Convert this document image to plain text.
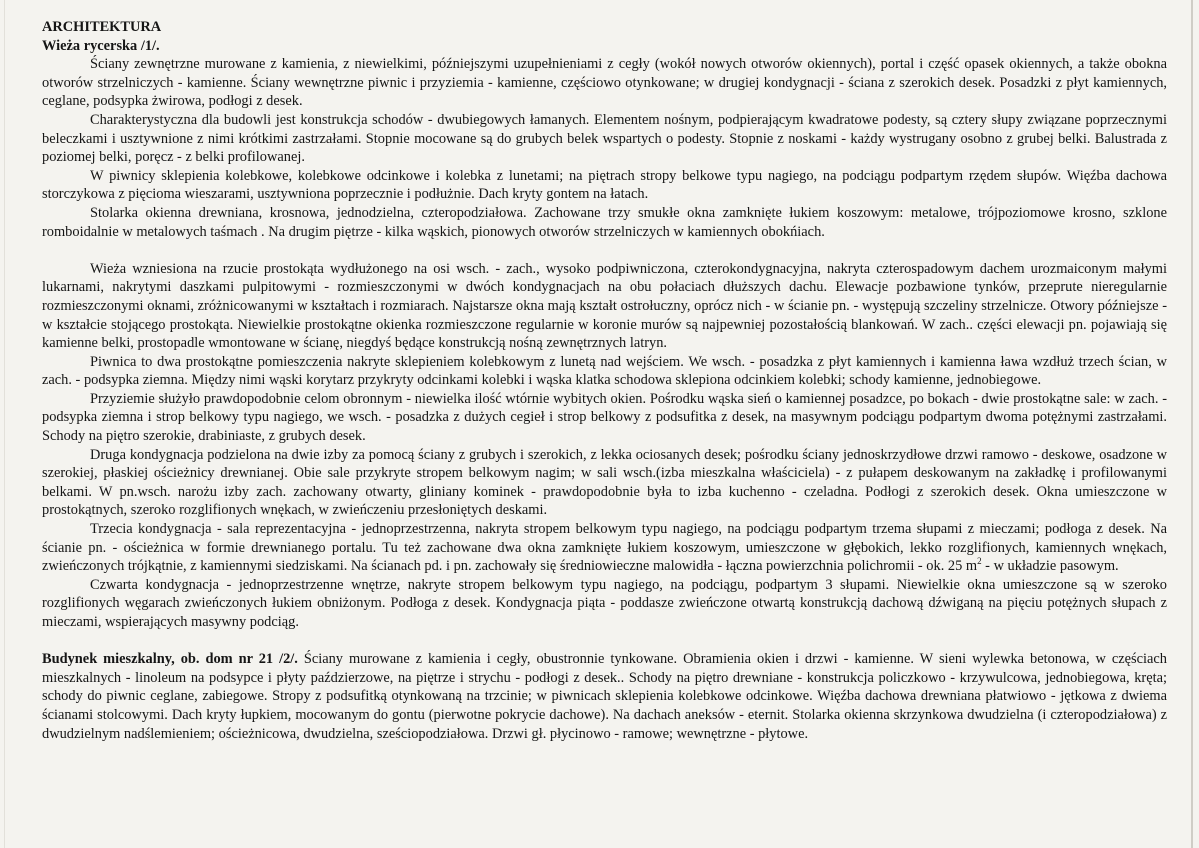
ARCHITEKTURA
Wieża rycerska /1/.

Ściany zewnętrzne murowane z kamienia, z niewielkimi, późniejszymi uzupełnieniami z cegły (wokół nowych otworów okiennych), portal i część opasek okiennych, a także obokna otworów strzelniczych - kamienne. Ściany wewnętrzne piwnic i przyziemia - kamienne, częściowo otynkowane; w drugiej kondygnacji - ściana z szerokich desek. Posadzki z płyt kamiennych, ceglane, podsypka żwirowa, podłogi z desek.

Charakterystyczna dla budowli jest konstrukcja schodów - dwubiegowych łamanych. Elementem nośnym, podpierającym kwadratowe podesty, są cztery słupy związane poprzecznymi beleczkami i usztywnione z nimi krótkimi zastrzałami. Stopnie mocowane są do grubych belek wspartych o podesty. Stopnie z noskami - każdy wystrugany osobno z grubej belki. Balustrada z poziomej belki, poręcz - z belki profilowanej.

W piwnicy sklepienia kolebkowe, kolebkowe odcinkowe i kolebka z lunetami; na piętrach stropy belkowe typu nagiego, na podciągu podpartym rzędem słupów. Więźba dachowa storczykowa z pięcioma wieszarami, usztywniona poprzecznie i podłużnie. Dach kryty gontem na łatach.

Stolarka okienna drewniana, krosnowa, jednodzielna, czteropodziałowa. Zachowane trzy smukłe okna zamknięte łukiem koszowym: metalowe, trójpoziomowe krosno, szklone romboidalnie w metalowych taśmach . Na drugim piętrze - kilka wąskich, pionowych otworów strzelniczych w kamiennych obokńiach.

Wieża wzniesiona na rzucie prostokąta wydłużonego na osi wsch. - zach., wysoko podpiwniczona, czterokondygnacyjna, nakryta czterospadowym dachem urozmaiconym małymi lukarnami, nakrytymi daszkami pulpitowymi - rozmieszczonymi w dwóch kondygnacjach na obu połaciach dłuższych dachu. Elewacje pozbawione tynków, przeprute nieregularnie rozmieszczonymi oknami, zróżnicowanymi w kształtach i rozmiarach. Najstarsze okna mają kształt ostrołuczny, oprócz nich - w ścianie pn. - występują szczeliny strzelnicze. Otwory późniejsze - w kształcie stojącego prostokąta. Niewielkie prostokątne okienka rozmieszczone regularnie w koronie murów są najpewniej pozostałością blankowań. W zach.. części elewacji pn. pojawiają się kamienne belki, prostopadle wmontowane w ścianę, niegdyś będące konstrukcją nośną zewnętrznych latryn.

Piwnica to dwa prostokątne pomieszczenia nakryte sklepieniem kolebkowym z lunetą nad wejściem. We wsch. - posadzka z płyt kamiennych i kamienna ława wzdłuż trzech ścian, w zach. - podsypka ziemna. Między nimi wąski korytarz przykryty odcinkami kolebki i wąska klatka schodowa sklepiona odcinkiem kolebki; schody kamienne, jednobiegowe.

Przyziemie służyło prawdopodobnie celom obronnym - niewielka ilość wtórnie wybitych okien. Pośrodku wąska sień o kamiennej posadzce, po bokach - dwie prostokątne sale: w zach. - podsypka ziemna i strop belkowy typu nagiego, we wsch. - posadzka z dużych cegieł i strop belkowy z podsufitka z desek, na masywnym podciągu podpartym dwoma potężnymi zastrzałami. Schody na piętro szerokie, drabiniaste, z grubych desek.

Druga kondygnacja podzielona na dwie izby za pomocą ściany z grubych i szerokich, z lekka ociosanych desek; pośrodku ściany jednoskrzydłowe drzwi ramowo - deskowe, osadzone w szerokiej, płaskiej ościeżnicy drewnianej. Obie sale przykryte stropem belkowym nagim; w sali wsch.(izba mieszkalna właściciela) - z pułapem deskowanym na zakładkę i profilowanymi belkami. W pn.wsch. narożu izby zach. zachowany otwarty, gliniany kominek - prawdopodobnie była to izba kuchenno - czeladna. Podłogi z szerokich desek. Okna umieszczone w prostokątnych, szeroko rozglifionych wnękach, w zwieńczeniu przesłoniętych deskami.

Trzecia kondygnacja - sala reprezentacyjna - jednoprzestrzenna, nakryta stropem belkowym typu nagiego, na podciągu podpartym trzema słupami z mieczami; podłoga z desek. Na ścianie pn. - ościeżnica w formie drewnianego portalu. Tu też zachowane dwa okna zamknięte łukiem koszowym, umieszczone w głębokich, lekko rozglifionych, kamiennych wnękach, zwieńczonych trójkątnie, z kamiennymi siedziskami. Na ścianach pd. i pn. zachowały się średniowieczne malowidła - łączna powierzchnia polichromii - ok. 25 $m^2$ - w układzie pasowym.

Czwarta kondygnacja - jednoprzestrzenne wnętrze, nakryte stropem belkowym typu nagiego, na podciągu, podpartym 3 słupami. Niewielkie okna umieszczone są w szeroko rozglifionych węgarach zwieńczonych łukiem obniżonym. Podłoga z desek. Kondygnacja piąta - poddasze zwieńczone otwartą konstrukcją dachową dźwiganą na pięciu potężnych słupach z mieczami, wspierających masywny podciąg.

Budynek mieszkalny, ob. dom nr 21 /2/. Ściany murowane z kamienia i cegły, obustronnie tynkowane. Obramienia okien i drzwi - kamienne. W sieni wylewka betonowa, w częściach mieszkalnych - linoleum na podsypce i płyty paździerzowe, na piętrze i strychu - podłogi z desek.. Schody na piętro drewniane - konstrukcja policzkowo - krzywulcowa, jednobiegowa, kręta; schody do piwnic ceglane, zabiegowe. Stropy z podsufitką otynkowaną na trzcinie; w piwnicach sklepienia kolebkowe odcinkowe. Więźba dachowa drewniana płatwiowo - jętkowa z dwiema ścianami stolcowymi. Dach kryty łupkiem, mocowanym do gontu (pierwotne pokrycie dachowe). Na dachach aneksów - eternit. Stolarka okienna skrzynkowa dwudzielna (i czteropodziałowa) z dwudzielnym nadślemieniem; ościeżnicowa, dwudzielna, sześciopodziałowa. Drzwi gł. płycinowo - ramowe; wewnętrzne - płytowe.
